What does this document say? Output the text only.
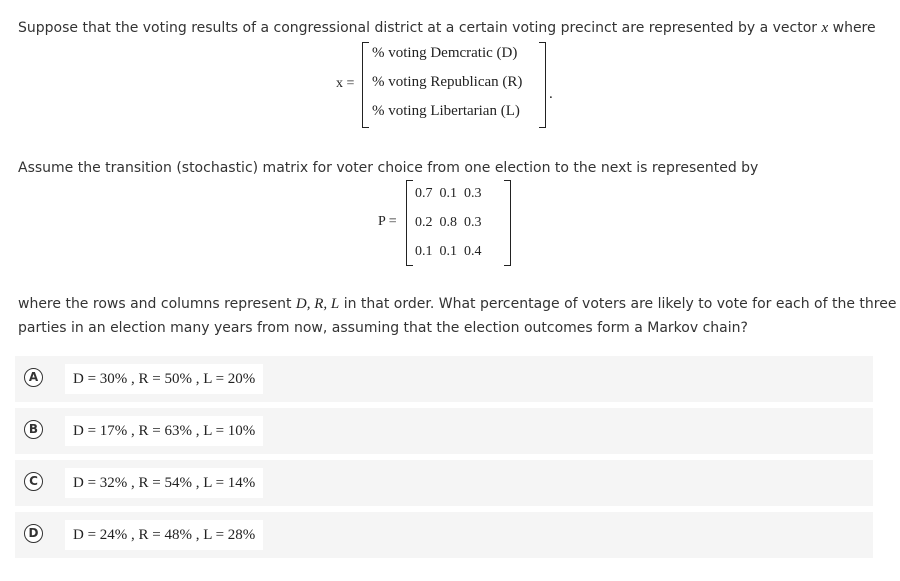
Suppose that the voting results of a congressional district at a certain voting precinct are represented by a vector x where
x =
% voting Demcratic (D)
% voting Republican (R)
% voting Libertarian (L)
.
Assume the transition (stochastic) matrix for voter choice from one election to the next is represented by
P =
0.7  0.1  0.3
0.2  0.8  0.3
0.1  0.1  0.4
where the rows and columns represent D, R, L in that order. What percentage of voters are likely to vote for each of the three
parties in an election many years from now, assuming that the election outcomes form a Markov chain?
A	D = 30% , R = 50% , L = 20%
B	D = 17% , R = 63% , L = 10%
C	D = 32% , R = 54% , L = 14%
D	D = 24% , R = 48% , L = 28%
